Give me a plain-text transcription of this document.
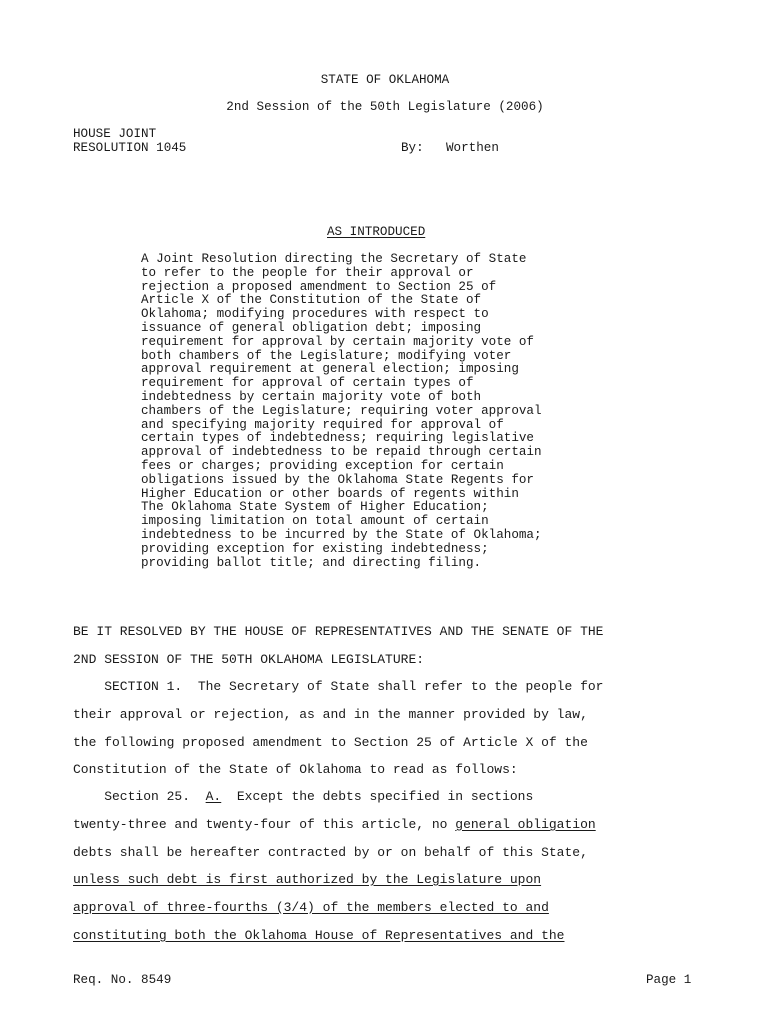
STATE OF OKLAHOMA
2nd Session of the 50th Legislature (2006)
HOUSE JOINT
RESOLUTION 1045	By: Worthen
AS INTRODUCED
A Joint Resolution directing the Secretary of State
to refer to the people for their approval or
rejection a proposed amendment to Section 25 of
Article X of the Constitution of the State of
Oklahoma; modifying procedures with respect to
issuance of general obligation debt; imposing
requirement for approval by certain majority vote of
both chambers of the Legislature; modifying voter
approval requirement at general election; imposing
requirement for approval of certain types of
indebtedness by certain majority vote of both
chambers of the Legislature; requiring voter approval
and specifying majority required for approval of
certain types of indebtedness; requiring legislative
approval of indebtedness to be repaid through certain
fees or charges; providing exception for certain
obligations issued by the Oklahoma State Regents for
Higher Education or other boards of regents within
The Oklahoma State System of Higher Education;
imposing limitation on total amount of certain
indebtedness to be incurred by the State of Oklahoma;
providing exception for existing indebtedness;
providing ballot title; and directing filing.
BE IT RESOLVED BY THE HOUSE OF REPRESENTATIVES AND THE SENATE OF THE
2ND SESSION OF THE 50TH OKLAHOMA LEGISLATURE:
SECTION 1.  The Secretary of State shall refer to the people for
their approval or rejection, as and in the manner provided by law,
the following proposed amendment to Section 25 of Article X of the
Constitution of the State of Oklahoma to read as follows:
Section 25.  A.  Except the debts specified in sections
twenty-three and twenty-four of this article, no general obligation
debts shall be hereafter contracted by or on behalf of this State,
unless such debt is first authorized by the Legislature upon
approval of three-fourths (3/4) of the members elected to and
constituting both the Oklahoma House of Representatives and the
Req. No. 8549	Page 1
